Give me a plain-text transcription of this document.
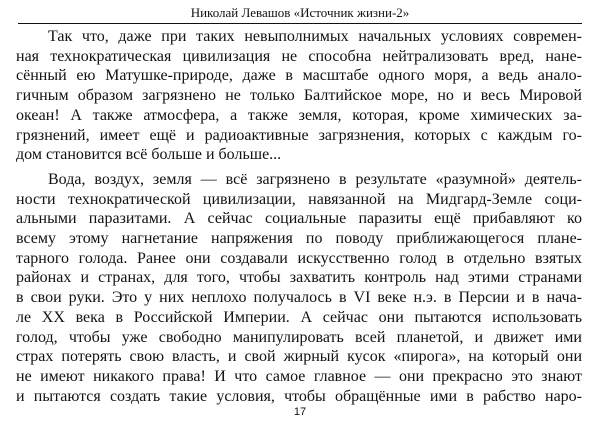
Николай Левашов «Источник жизни-2»
Так что, даже при таких невыполнимых начальных условиях современ-
ная технократическая цивилизация не способна нейтрализовать вред, нане-
сённый ею Матушке-природе, даже в масштабе одного моря, а ведь анало-
гичным образом загрязнено не только Балтийское море, но и весь Мировой
океан! А также атмосфера, а также земля, которая, кроме химических за-
грязнений, имеет ещё и радиоактивные загрязнения, которых с каждым го-
дом становится всё больше и больше...
Вода, воздух, земля — всё загрязнено в результате «разумной» деятель-
ности технократической цивилизации, навязанной на Мидгард-Земле соци-
альными паразитами. А сейчас социальные паразиты ещё прибавляют ко
всему этому нагнетание напряжения по поводу приближающегося плане-
тарного голода. Ранее они создавали искусственно голод в отдельно взятых
районах и странах, для того, чтобы захватить контроль над этими странами
в свои руки. Это у них неплохо получалось в VI веке н.э. в Персии и в нача-
ле XX века в Российской Империи. А сейчас они пытаются использовать
голод, чтобы уже свободно манипулировать всей планетой, и движет ими
страх потерять свою власть, и свой жирный кусок «пирога», на который они
не имеют никакого права! И что самое главное — они прекрасно это знают
и пытаются создать такие условия, чтобы обращённые ими в рабство наро-
17
